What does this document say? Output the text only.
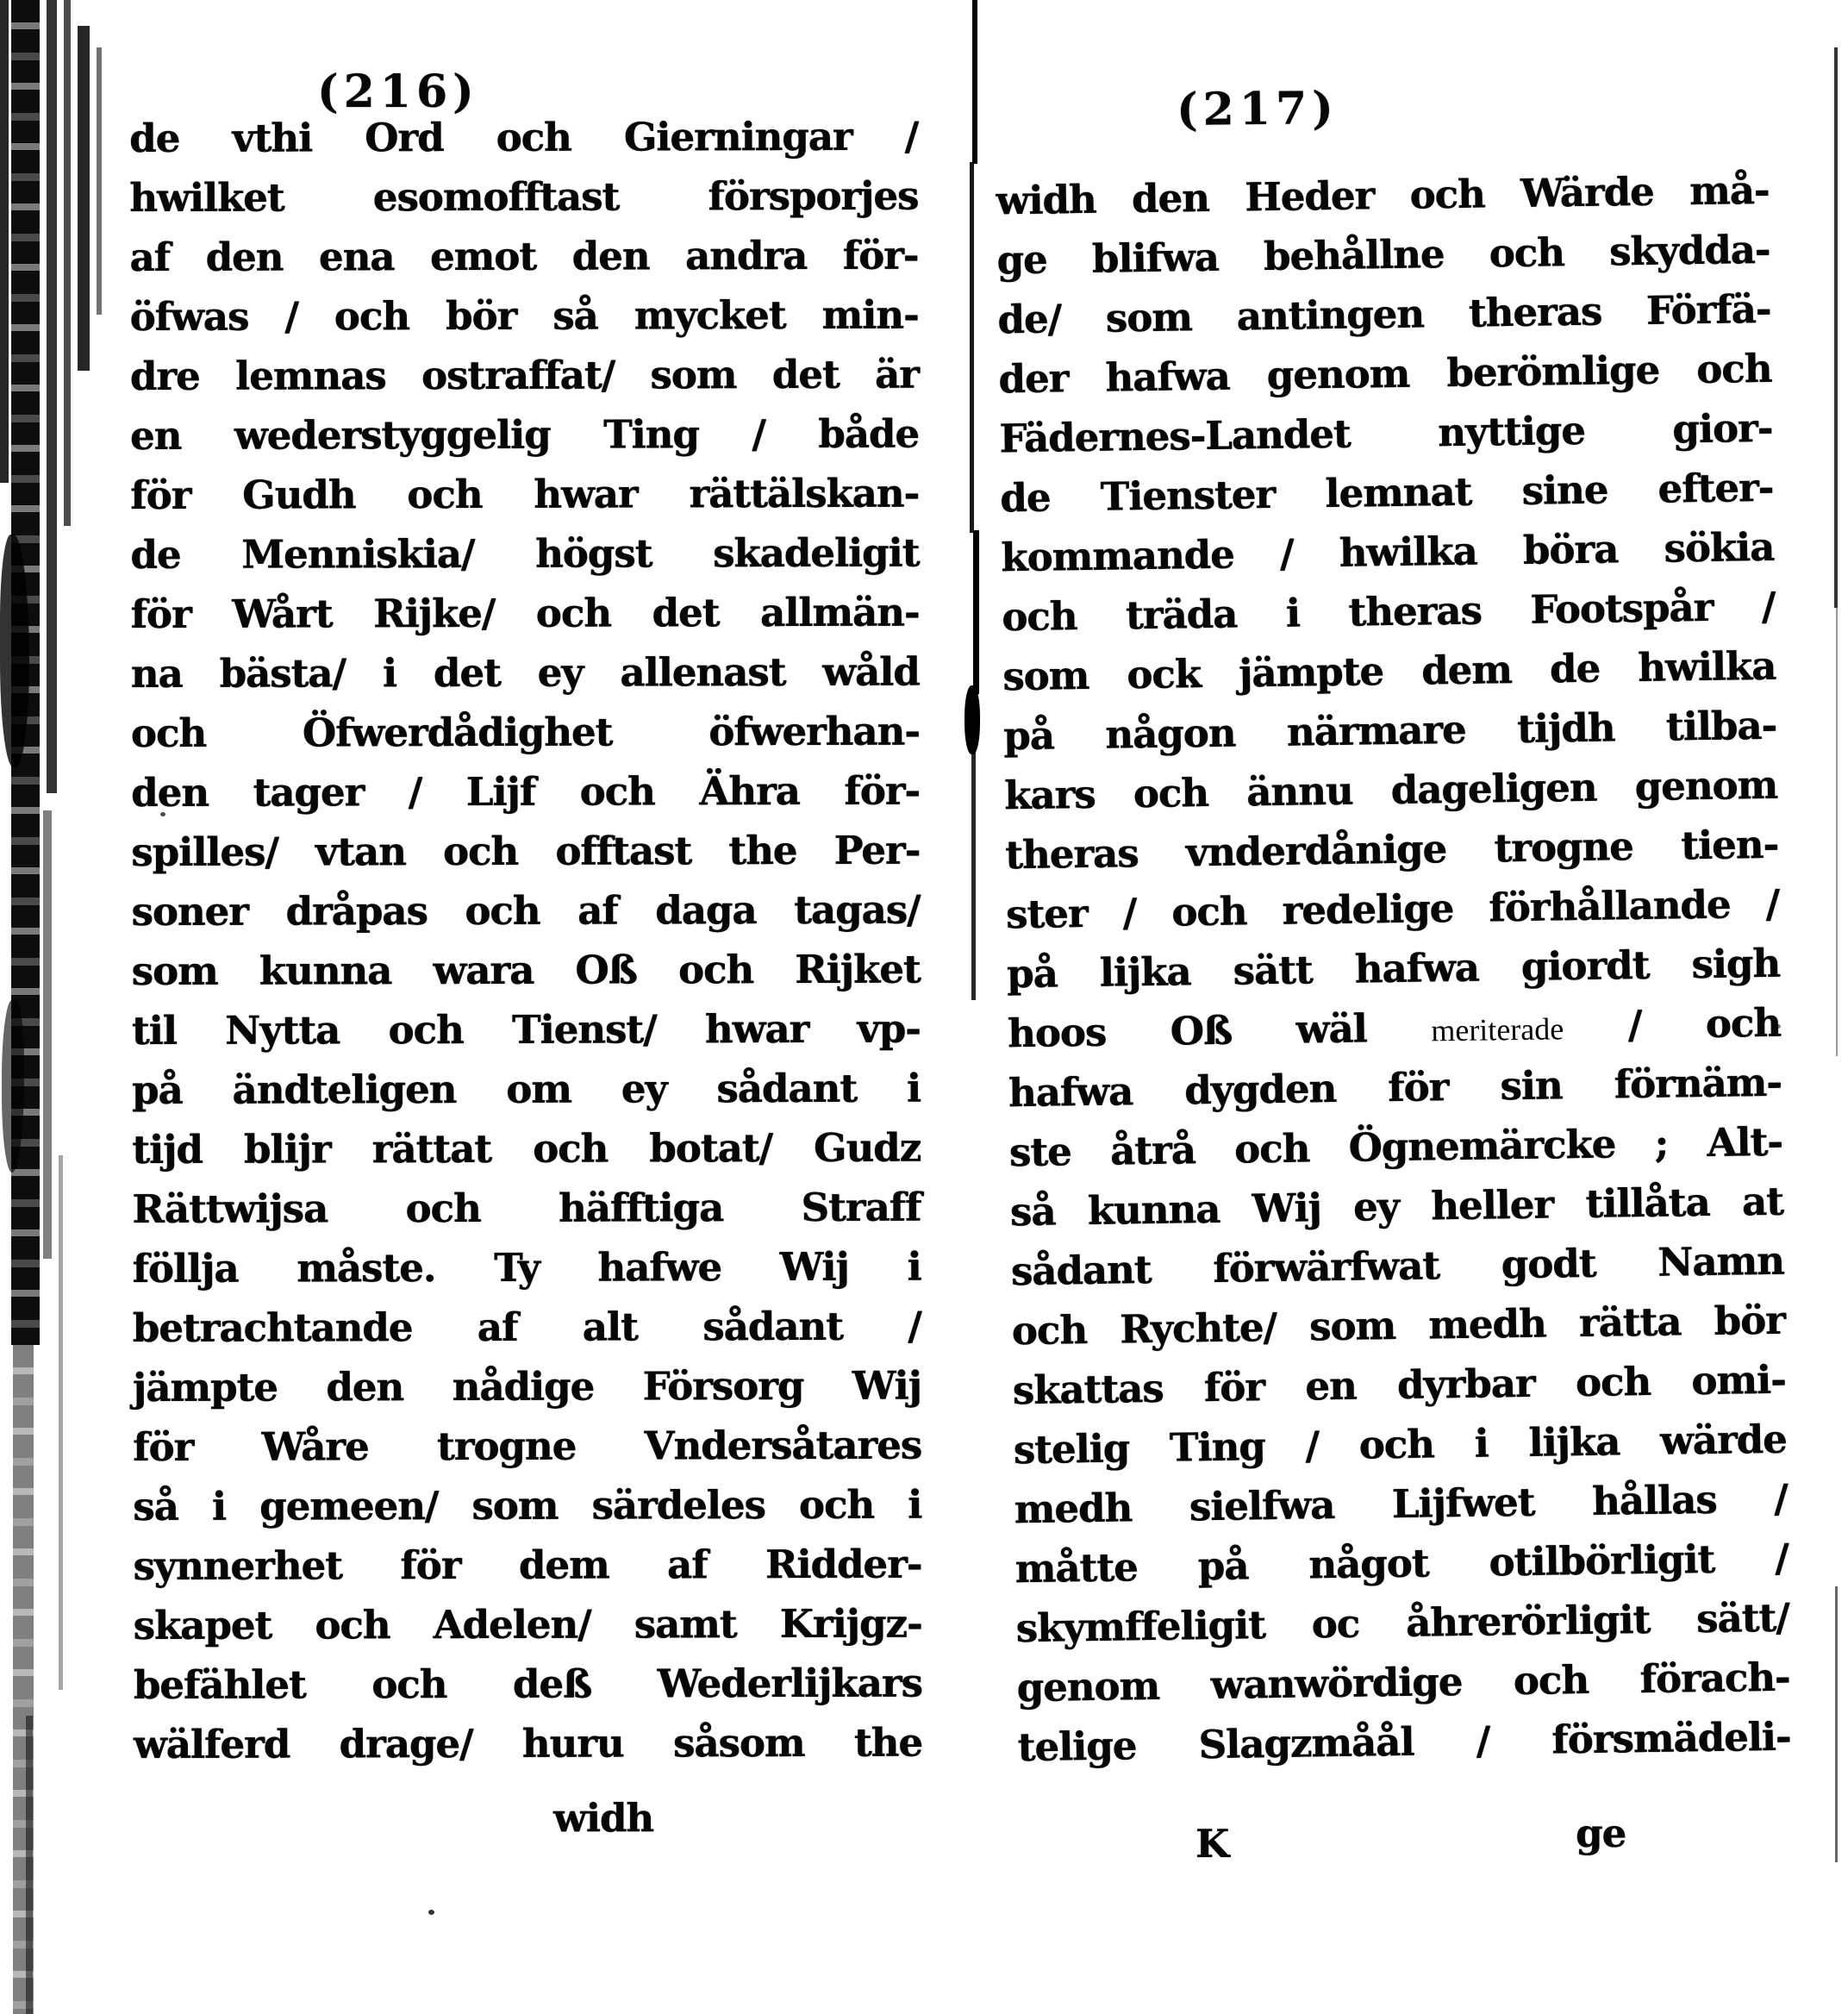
(216)
de vthi Ord och Gierningar /
hwilket esomofftast försporjes
af den ena emot den andra för-
öfwas / och bör så mycket min-
dre lemnas ostraffat/ som det är
en wederstyggelig Ting / både
för Gudh och hwar rättälskan-
de Menniskia/ högst skadeligit
för Wårt Rijke/ och det allmän-
na bästa/ i det ey allenast wåld
och Öfwerdådighet öfwerhan-
den tager / Lijf och Ähra för-
spilles/ vtan och offtast the Per-
soner dråpas och af daga tagas/
som kunna wara Oß och Rijket
til Nytta och Tienst/ hwar vp-
på ändteligen om ey sådant i
tijd blijr rättat och botat/ Gudz
Rättwijsa och häfftiga Straff
föllja måste. Ty hafwe Wij i
betrachtande af alt sådant /
jämpte den nådige Försorg Wij
för Wåre trogne Vndersåtares
så i gemeen/ som särdeles och i
synnerhet för dem af Ridder-
skapet och Adelen/ samt Krijgz-
befählet och deß Wederlijkars
wälferd drage/ huru såsom the
widh
(217)
widh den Heder och Wärde må-
ge blifwa behållne och skydda-
de/ som antingen theras Förfä-
der hafwa genom berömlige och
Fädernes-Landet nyttige gior-
de Tienster lemnat sine efter-
kommande / hwilka böra sökia
och träda i theras Footspår /
som ock jämpte dem de hwilka
på någon närmare tijdh tilba-
kars och ännu dageligen genom
theras vnderdånige trogne tien-
ster / och redelige förhållande /
på lijka sätt hafwa giordt sigh
hoos Oß wäl meriterade / och
hafwa dygden för sin förnäm-
ste åtrå och Ögnemärcke ; Alt-
så kunna Wij ey heller tillåta at
sådant förwärfwat godt Namn
och Rychte/ som medh rätta bör
skattas för en dyrbar och omi-
stelig Ting / och i lijka wärde
medh sielfwa Lijfwet hållas /
måtte på något otilbörligit /
skymffeligit oc åhrerörligit sätt/
genom wanwördige och förach-
telige Slagzmåål / försmädeli-
K	ge
